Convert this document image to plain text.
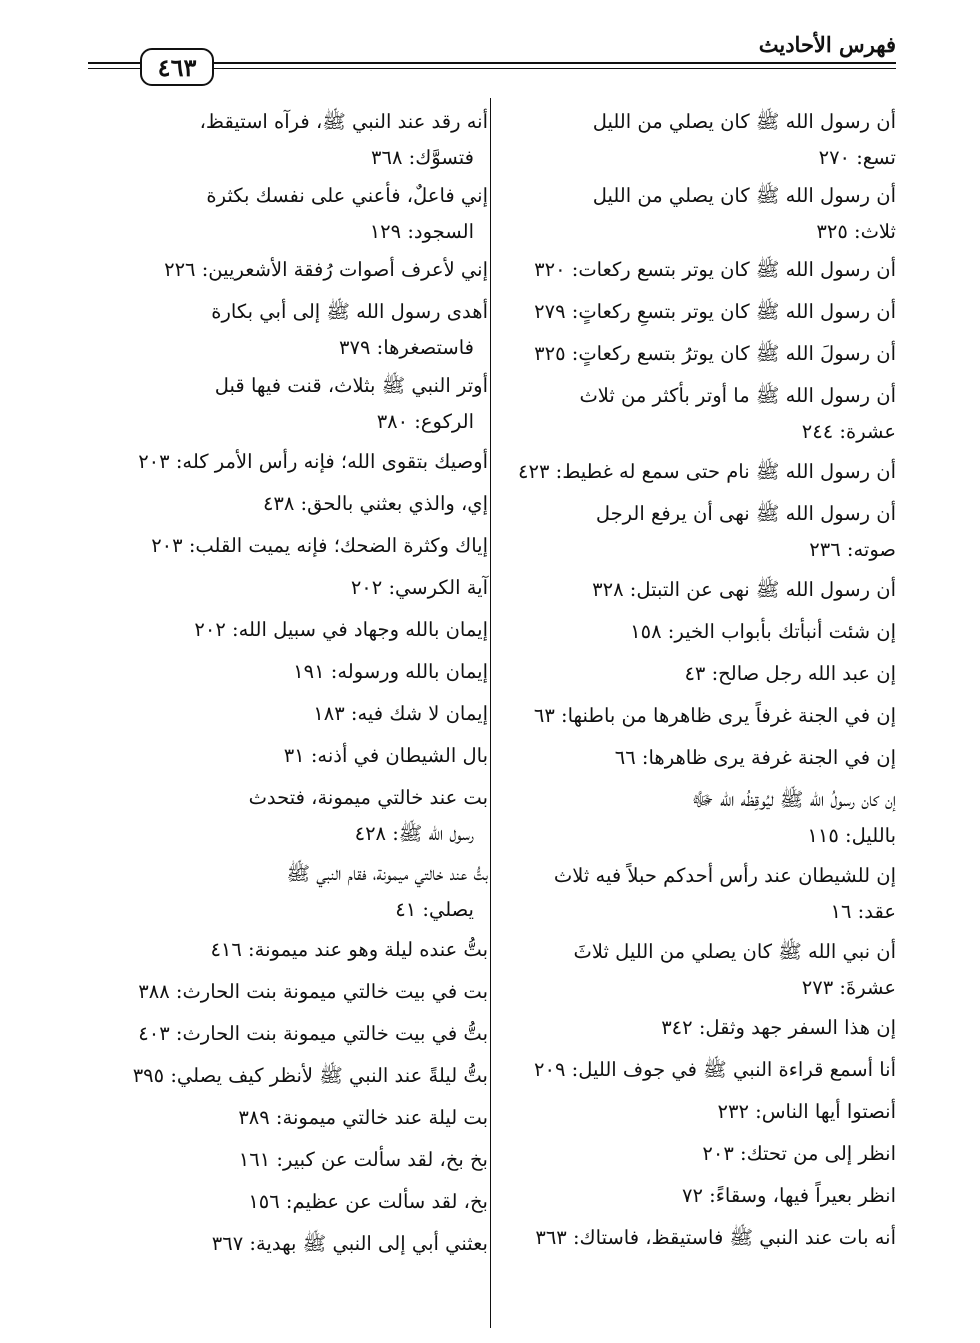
فهرس الأحاديث
٤٦٣
أن رسول الله ﷺ كان يصلي من الليل
تسع: ٢٧٠
أن رسول الله ﷺ كان يصلي من الليل
ثلاث: ٣٢٥
أن رسول الله ﷺ كان يوتر بتسع ركعات: ٣٢٠
أن رسول الله ﷺ كان يوتر بتسعِ ركعاتٍ: ٢٧٩
أن رسولَ الله ﷺ كان يوترُ بتسع ركعاتٍ: ٣٢٥
أن رسول الله ﷺ ما أوتر بأكثر من ثلاث
عشرة: ٢٤٤
أن رسول الله ﷺ نام حتى سمع له غطيط: ٤٢٣
أن رسول الله ﷺ نهى أن يرفع الرجل
صوته: ٢٣٦
أن رسول الله ﷺ نهى عن التبتل: ٣٢٨
إن شئت أنبأتك بأبواب الخير: ١٥٨
إن عبد الله رجل صالح: ٤٣
إن في الجنة غرفاً يرى ظاهرها من باطنها: ٦٣
إن في الجنة غرفة يرى ظاهرها: ٦٦
إن كان رسولُ الله ﷺ ليُوقِظُه الله ﷻ
بالليل: ١١٥
إن للشيطان عند رأس أحدكم حبلاً فيه ثلاث
عقد: ١٦
أن نبي الله ﷺ كان يصلي من الليل ثلاثَ
عشرةَ: ٢٧٣
إن هذا السفر جهد وثقل: ٣٤٢
أنا أسمع قراءة النبي ﷺ في جوف الليل: ٢٠٩
أنصتوا أيها الناس: ٢٣٢
انظر إلى من تحتك: ٢٠٣
انظر بعيراً فيها، وسقاءً: ٧٢
أنه بات عند النبي ﷺ فاستيقظ، فاستاك: ٣٦٣
أنه رقد عند النبي ﷺ، فرآه استيقظ،
فتسوَّك: ٣٦٨
إني فاعلٌ، فأعني على نفسك بكثرة
السجود: ١٢٩
إني لأعرف أصوات رُفقة الأشعريين: ٢٢٦
أهدى رسول الله ﷺ إلى أبي بكارة
فاستصغرها: ٣٧٩
أوتر النبي ﷺ بثلاث، قنت فيها قبل
الركوع: ٣٨٠
أوصيك بتقوى الله؛ فإنه رأس الأمر كله: ٢٠٣
إي، والذي بعثني بالحق: ٤٣٨
إياك وكثرة الضحك؛ فإنه يميت القلب: ٢٠٣
آية الكرسي: ٢٠٢
إيمان بالله وجهاد في سبيل الله: ٢٠٢
إيمان بالله ورسوله: ١٩١
إيمان لا شك فيه: ١٨٣
بال الشيطان في أذنه: ٣١
بت عند خالتي ميمونة، فتحدث
رسول الله ﷺ: ٤٢٨
بتُّ عند خالتي ميمونة، فقام النبي ﷺ
يصلي: ٤١
بتُّ عنده ليلة وهو عند ميمونة: ٤١٦
بت في بيت خالتي ميمونة بنت الحارث: ٣٨٨
بتُّ في بيت خالتي ميمونة بنت الحارث: ٤٠٣
بتُّ ليلةً عند النبي ﷺ لأنظر كيف يصلي: ٣٩٥
بت ليلة عند خالتي ميمونة: ٣٨٩
بخ بخ، لقد سألت عن كبير: ١٦١
بخ، لقد سألت عن عظيم: ١٥٦
بعثني أبي إلى النبي ﷺ بهدية: ٣٦٧
